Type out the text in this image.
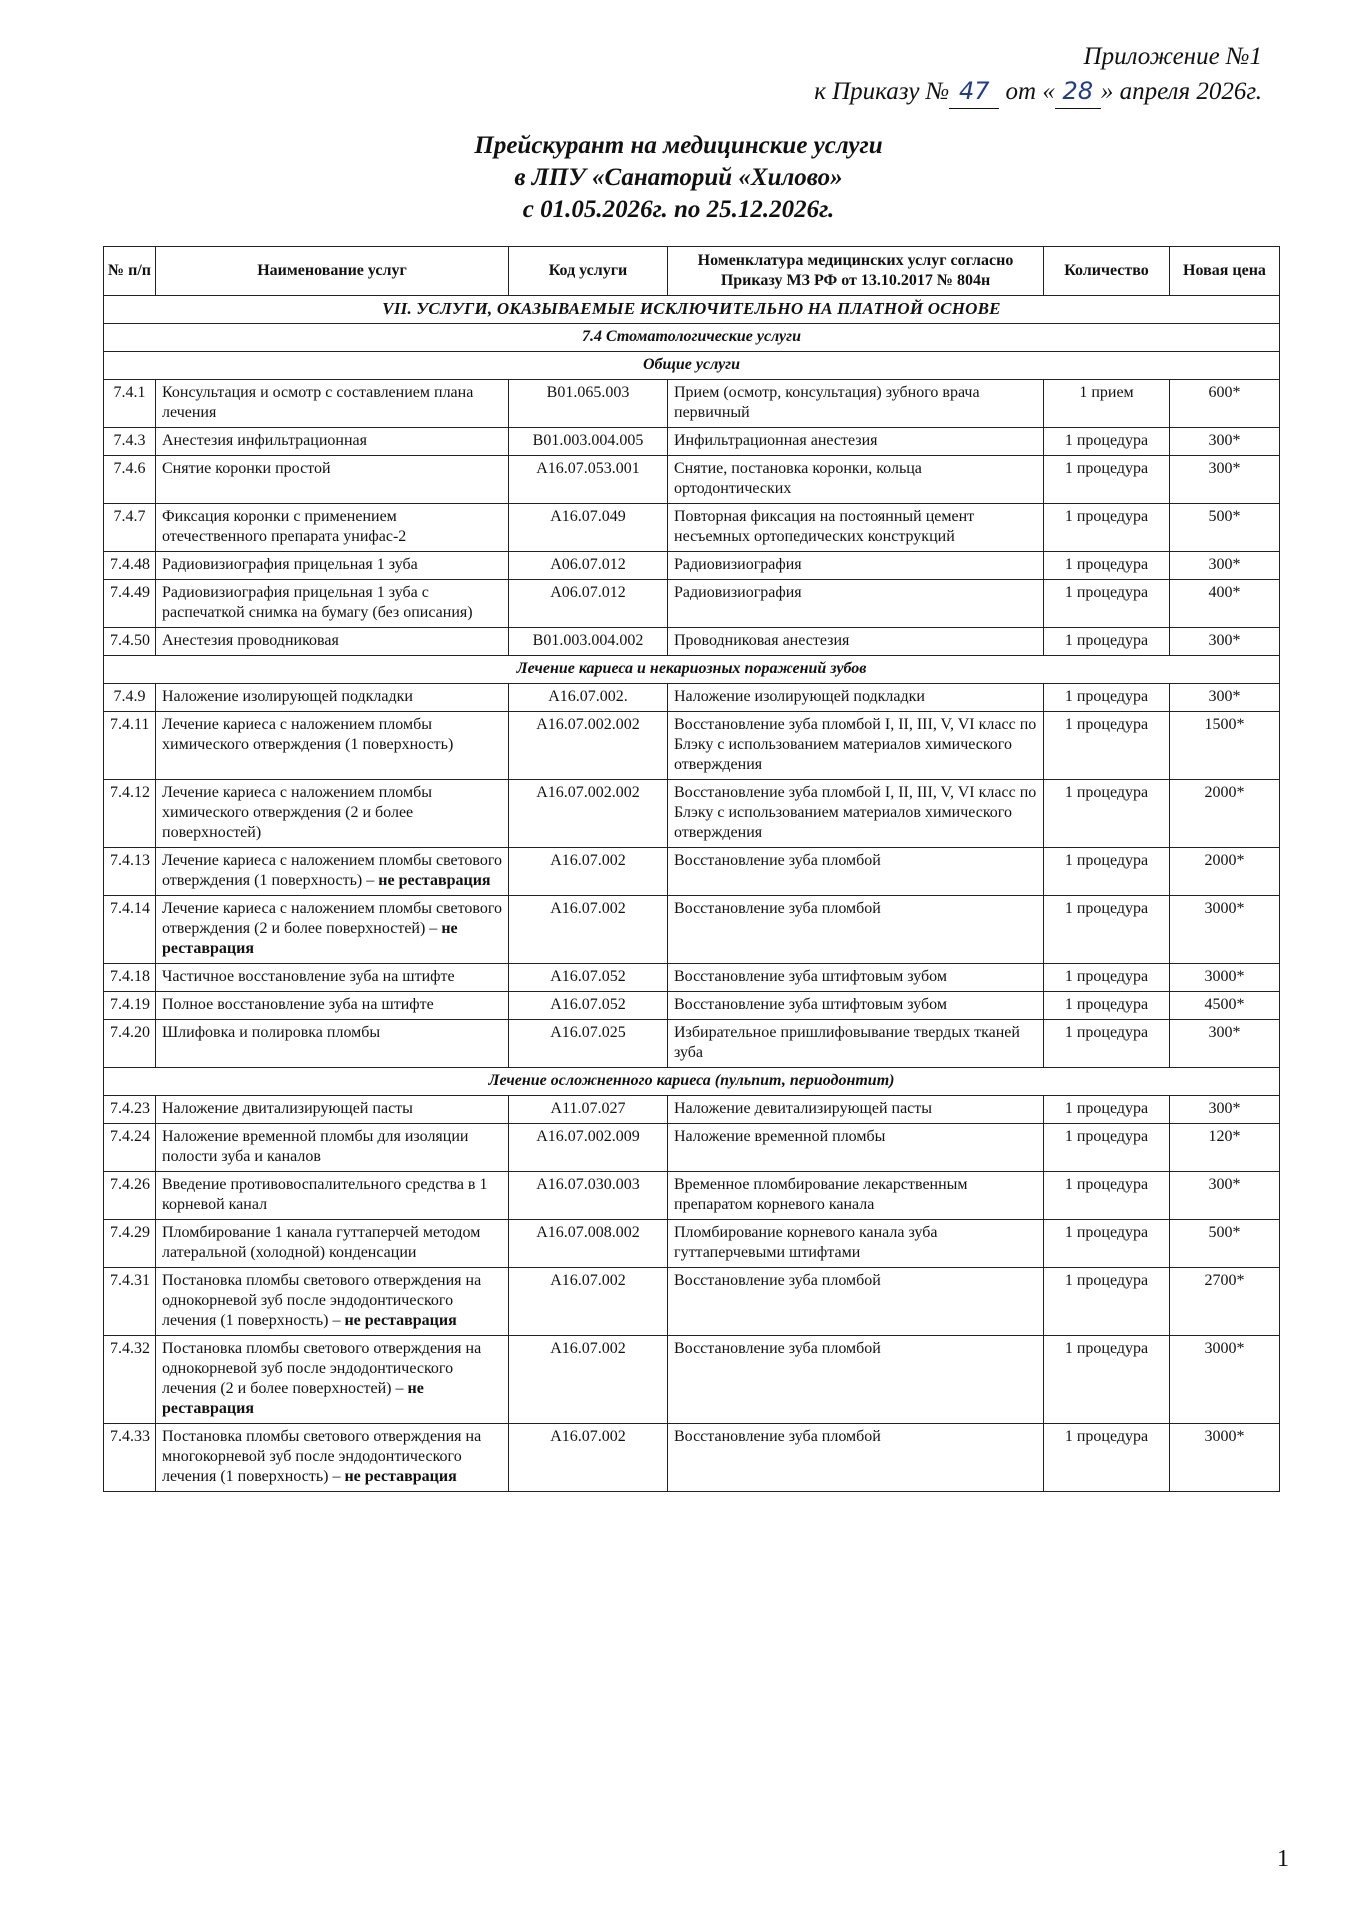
Приложение №1
к Приказу № 47 от « 28 » апреля 2026г.
Прейскурант на медицинские услуги
в ЛПУ «Санаторий «Хилово»
с 01.05.2026г. по 25.12.2026г.
№ п/п	Наименование услуг	Код услуги	Номенклатура медицинских услуг согласно Приказу МЗ РФ от 13.10.2017 № 804н	Количество	Новая цена
VII. УСЛУГИ, ОКАЗЫВАЕМЫЕ ИСКЛЮЧИТЕЛЬНО НА ПЛАТНОЙ ОСНОВЕ					
7.4 Стоматологические услуги					
Общие услуги					
7.4.1	Консультация и осмотр с составлением плана лечения	B01.065.003	Прием (осмотр, консультация) зубного врача первичный	1 прием	600*
7.4.3	Анестезия инфильтрационная	B01.003.004.005	Инфильтрационная анестезия	1 процедура	300*
7.4.6	Снятие коронки простой	A16.07.053.001	Снятие, постановка коронки, кольца ортодонтических	1 процедура	300*
7.4.7	Фиксация коронки с применением отечественного препарата унифас-2	A16.07.049	Повторная фиксация на постоянный цемент несъемных ортопедических конструкций	1 процедура	500*
7.4.48	Радиовизиография прицельная 1 зуба	A06.07.012	Радиовизиография	1 процедура	300*
7.4.49	Радиовизиография прицельная 1 зуба с распечаткой снимка на бумагу (без описания)	A06.07.012	Радиовизиография	1 процедура	400*
7.4.50	Анестезия проводниковая	B01.003.004.002	Проводниковая анестезия	1 процедура	300*
Лечение кариеса и некариозных поражений зубов					
7.4.9	Наложение изолирующей подкладки	A16.07.002.	Наложение изолирующей подкладки	1 процедура	300*
7.4.11	Лечение кариеса с наложением пломбы химического отверждения (1 поверхность)	A16.07.002.002	Восстановление зуба пломбой I, II, III, V, VI класс по Блэку с использованием материалов химического отверждения	1 процедура	1500*
7.4.12	Лечение кариеса с наложением пломбы химического отверждения (2 и более поверхностей)	A16.07.002.002	Восстановление зуба пломбой I, II, III, V, VI класс по Блэку с использованием материалов химического отверждения	1 процедура	2000*
7.4.13	Лечение кариеса с наложением пломбы светового отверждения (1 поверхность) – не реставрация	A16.07.002	Восстановление зуба пломбой	1 процедура	2000*
7.4.14	Лечение кариеса с наложением пломбы светового отверждения (2 и более поверхностей) – не реставрация	A16.07.002	Восстановление зуба пломбой	1 процедура	3000*
7.4.18	Частичное восстановление зуба на штифте	A16.07.052	Восстановление зуба штифтовым зубом	1 процедура	3000*
7.4.19	Полное восстановление зуба на штифте	A16.07.052	Восстановление зуба штифтовым зубом	1 процедура	4500*
7.4.20	Шлифовка и полировка пломбы	A16.07.025	Избирательное пришлифовывание твердых тканей зуба	1 процедура	300*
Лечение осложненного кариеса (пульпит, периодонтит)					
7.4.23	Наложение двитализирующей пасты	A11.07.027	Наложение девитализирующей пасты	1 процедура	300*
7.4.24	Наложение временной пломбы для изоляции полости зуба и каналов	A16.07.002.009	Наложение временной пломбы	1 процедура	120*
7.4.26	Введение противовоспалительного средства в 1 корневой канал	A16.07.030.003	Временное пломбирование лекарственным препаратом корневого канала	1 процедура	300*
7.4.29	Пломбирование 1 канала гуттаперчей методом латеральной (холодной) конденсации	A16.07.008.002	Пломбирование корневого канала зуба гуттаперчевыми штифтами	1 процедура	500*
7.4.31	Постановка пломбы светового отверждения на однокорневой зуб после эндодонтического лечения (1 поверхность) – не реставрация	A16.07.002	Восстановление зуба пломбой	1 процедура	2700*
7.4.32	Постановка пломбы светового отверждения на однокорневой зуб после эндодонтического лечения (2 и более поверхностей) – не реставрация	A16.07.002	Восстановление зуба пломбой	1 процедура	3000*
7.4.33	Постановка пломбы светового отверждения на многокорневой зуб после эндодонтического лечения (1 поверхность) – не реставрация	A16.07.002	Восстановление зуба пломбой	1 процедура	3000*
1
